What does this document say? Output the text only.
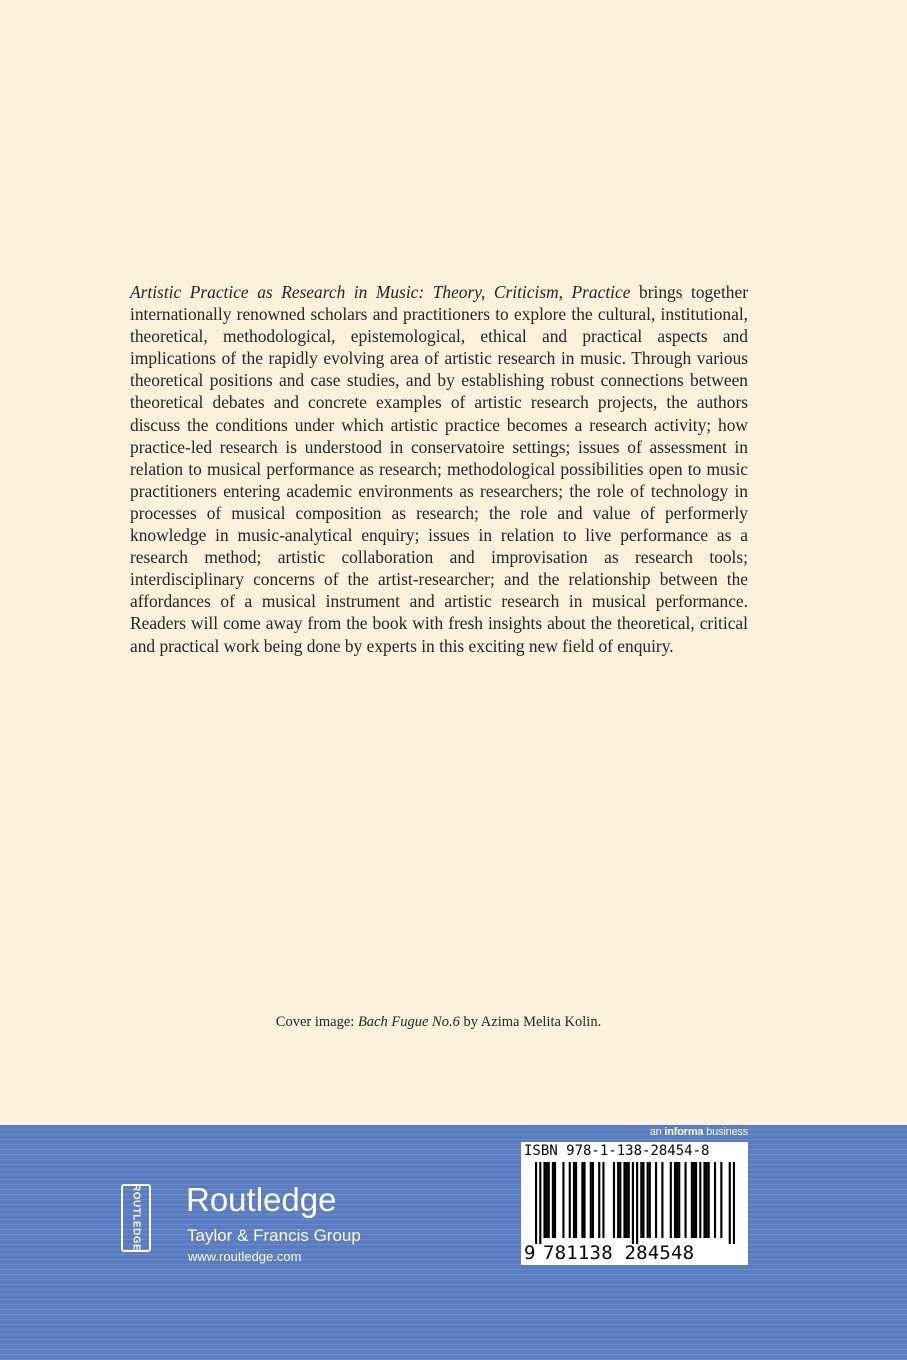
Artistic Practice as Research in Music: Theory, Criticism, Practice brings together internationally renowned scholars and practitioners to explore the cultural, institutional, theoretical, methodological, epistemological, ethical and practical aspects and implications of the rapidly evolving area of artistic research in music. Through various theoretical positions and case studies, and by establishing robust connections between theoretical debates and concrete examples of artistic research projects, the authors discuss the conditions under which artistic practice becomes a research activity; how practice-led research is understood in conservatoire settings; issues of assessment in relation to musical performance as research; methodological possibilities open to music practitioners entering academic environments as researchers; the role of technology in processes of musical composition as research; the role and value of performerly knowledge in music-analytical enquiry; issues in relation to live performance as a research method; artistic collaboration and improvisation as research tools; interdisciplinary concerns of the artist-researcher; and the relationship between the affordances of a musical instrument and artistic research in musical performance. Readers will come away from the book with fresh insights about the theoretical, critical and practical work being done by experts in this exciting new field of enquiry.

Cover image: Bach Fugue No.6 by Azima Melita Kolin.
an informa business
ROUTLEDGE Routledge
Taylor & Francis Group
www.routledge.com
ISBN 978-1-138-28454-8
9 781138 284548
